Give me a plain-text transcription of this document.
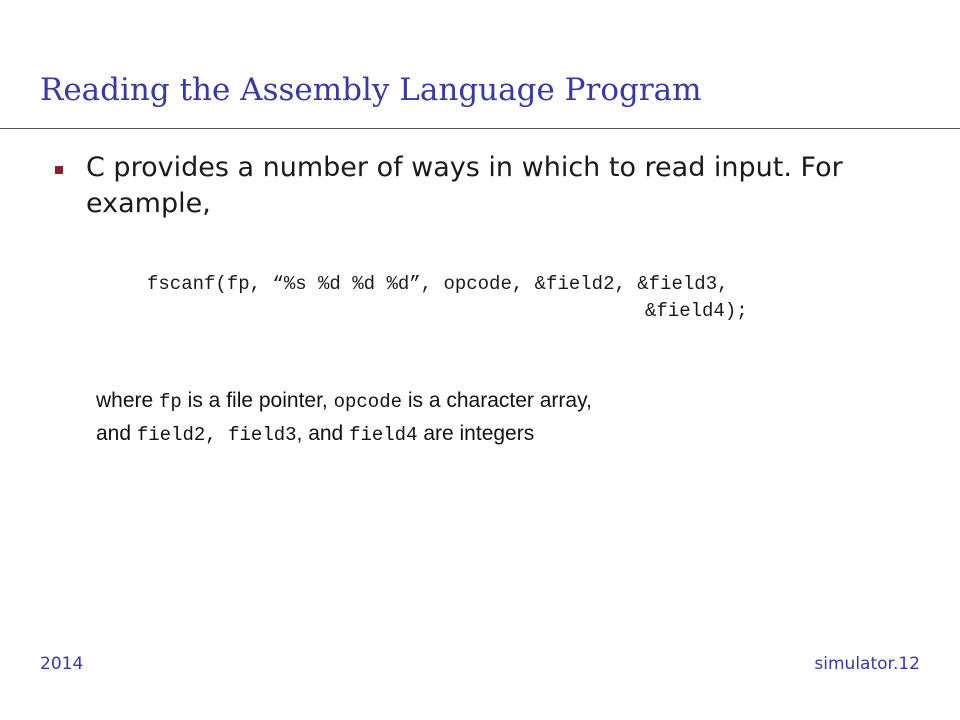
Reading the Assembly Language Program
C provides a number of ways in which to read input. For example,
fscanf(fp, “%s %d %d %d”, opcode, &field2, &field3,
&field4);
where fp is a file pointer, opcode is a character array,
and field2, field3, and field4 are integers
2014	simulator.12
